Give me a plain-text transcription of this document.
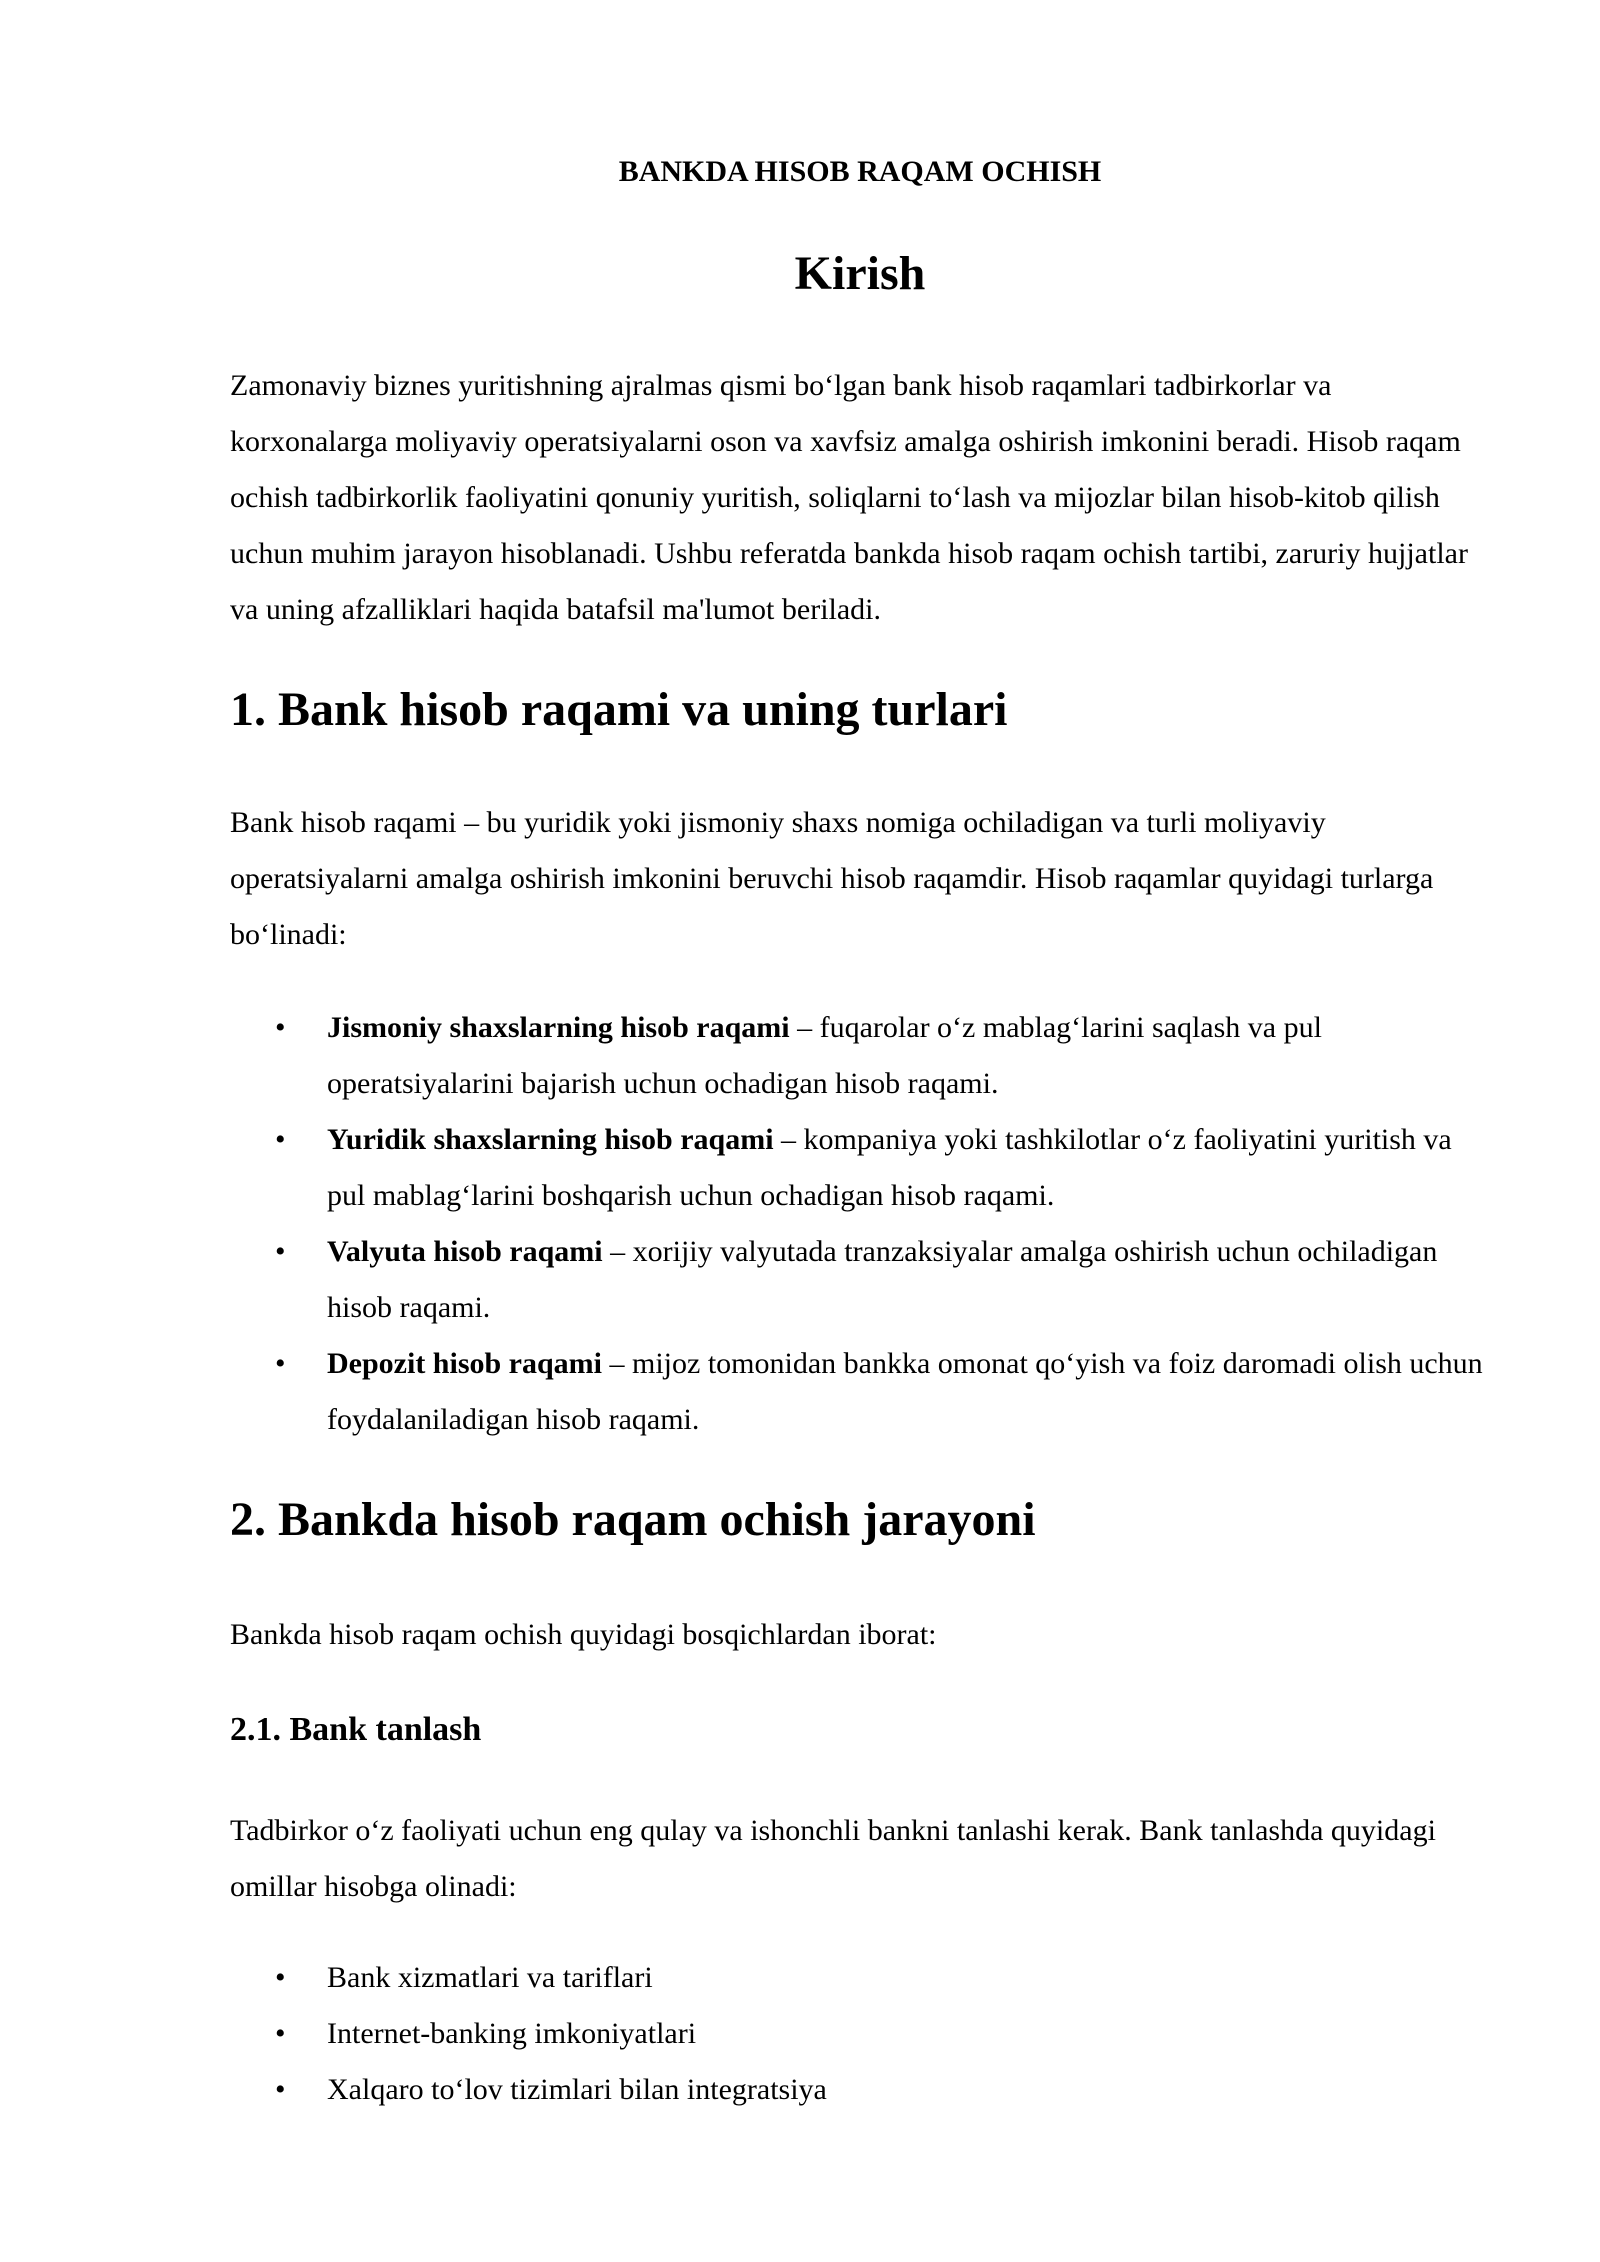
BANKDA HISOB RAQAM OCHISH
Kirish

Zamonaviy biznes yuritishning ajralmas qismi bo‘lgan bank hisob raqamlari tadbirkorlar va korxonalarga moliyaviy operatsiyalarni oson va xavfsiz amalga oshirish imkonini beradi. Hisob raqam ochish tadbirkorlik faoliyatini qonuniy yuritish, soliqlarni to‘lash va mijozlar bilan hisob-kitob qilish uchun muhim jarayon hisoblanadi. Ushbu referatda bankda hisob raqam ochish tartibi, zaruriy hujjatlar va uning afzalliklari haqida batafsil ma'lumot beriladi.

1. Bank hisob raqami va uning turlari

Bank hisob raqami – bu yuridik yoki jismoniy shaxs nomiga ochiladigan va turli moliyaviy operatsiyalarni amalga oshirish imkonini beruvchi hisob raqamdir. Hisob raqamlar quyidagi turlarga bo‘linadi:

• Jismoniy shaxslarning hisob raqami – fuqarolar o‘z mablag‘larini saqlash va pul operatsiyalarini bajarish uchun ochadigan hisob raqami.
• Yuridik shaxslarning hisob raqami – kompaniya yoki tashkilotlar o‘z faoliyatini yuritish va pul mablag‘larini boshqarish uchun ochadigan hisob raqami.
• Valyuta hisob raqami – xorijiy valyutada tranzaksiyalar amalga oshirish uchun ochiladigan hisob raqami.
• Depozit hisob raqami – mijoz tomonidan bankka omonat qo‘yish va foiz daromadi olish uchun foydalaniladigan hisob raqami.
2. Bankda hisob raqam ochish jarayoni

Bankda hisob raqam ochish quyidagi bosqichlardan iborat:

2.1. Bank tanlash

Tadbirkor o‘z faoliyati uchun eng qulay va ishonchli bankni tanlashi kerak. Bank tanlashda quyidagi omillar hisobga olinadi:

• Bank xizmatlari va tariflari
• Internet-banking imkoniyatlari
• Xalqaro to‘lov tizimlari bilan integratsiya
